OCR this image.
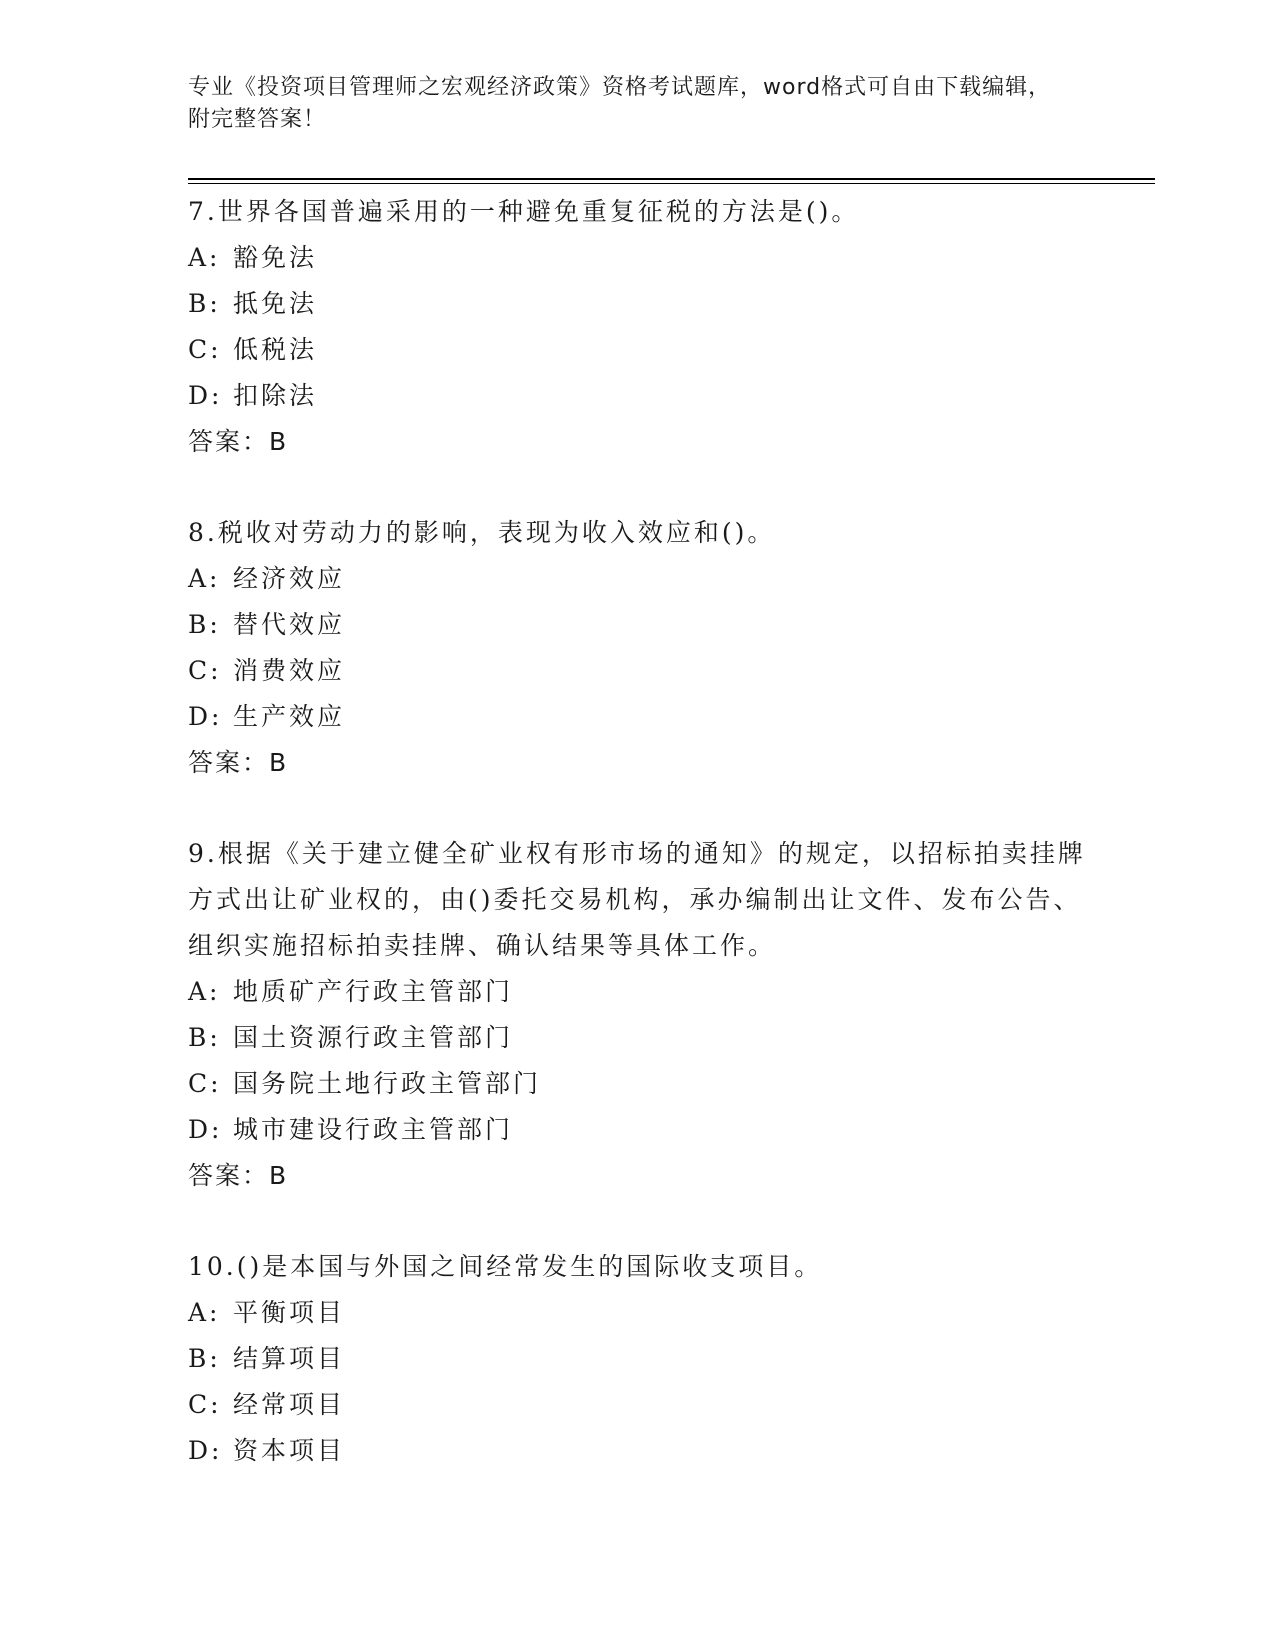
专业《投资项目管理师之宏观经济政策》资格考试题库，word格式可自由下载编辑，附完整答案！
7.世界各国普遍采用的一种避免重复征税的方法是()。
A: 豁免法
B: 抵免法
C: 低税法
D: 扣除法
答案：B
8.税收对劳动力的影响，表现为收入效应和()。
A: 经济效应
B: 替代效应
C: 消费效应
D: 生产效应
答案：B
9.根据《关于建立健全矿业权有形市场的通知》的规定，以招标拍卖挂牌方式出让矿业权的，由()委托交易机构，承办编制出让文件、发布公告、组织实施招标拍卖挂牌、确认结果等具体工作。
A: 地质矿产行政主管部门
B: 国土资源行政主管部门
C: 国务院土地行政主管部门
D: 城市建设行政主管部门
答案：B
10.()是本国与外国之间经常发生的国际收支项目。
A: 平衡项目
B: 结算项目
C: 经常项目
D: 资本项目
